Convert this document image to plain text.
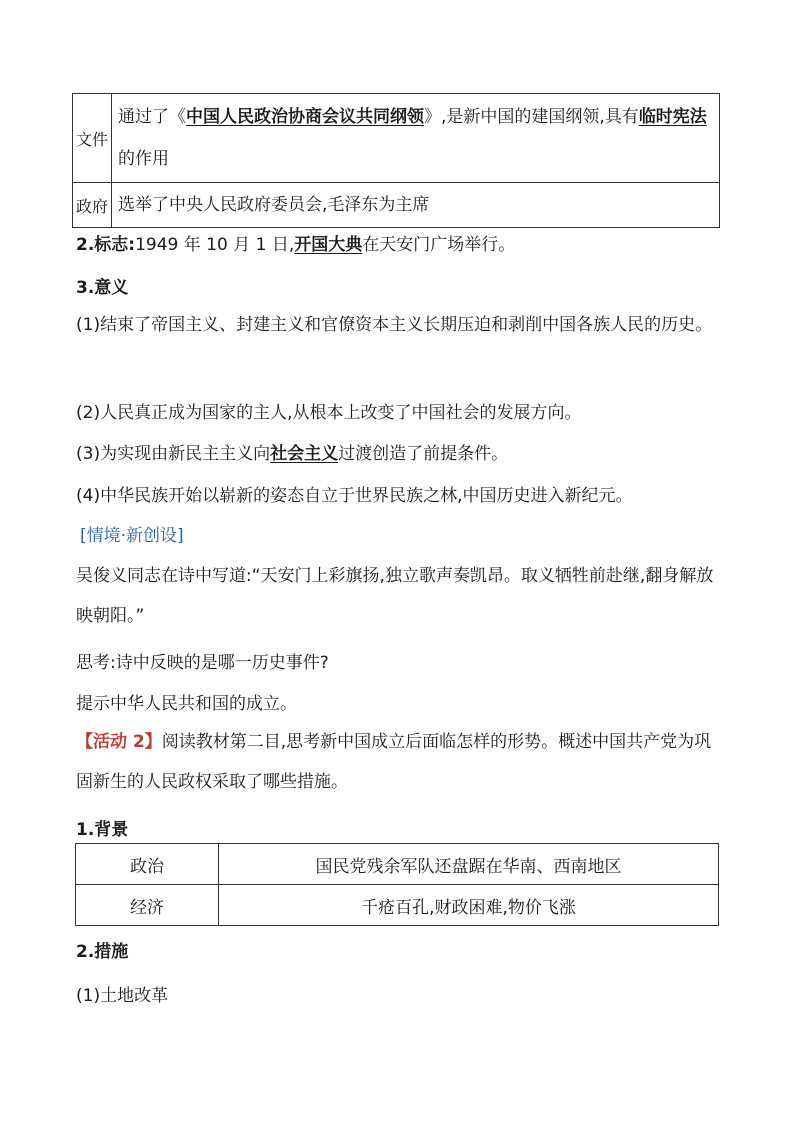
文件	通过了《中国人民政治协商会议共同纲领》,是新中国的建国纲领,具有临时宪法的作用
政府	选举了中央人民政府委员会,毛泽东为主席
2.标志:1949 年 10 月 1 日,开国大典在天安门广场举行。
3.意义
(1)结束了帝国主义、封建主义和官僚资本主义长期压迫和剥削中国各族人民的历史。
(2)人民真正成为国家的主人,从根本上改变了中国社会的发展方向。
(3)为实现由新民主主义向社会主义过渡创造了前提条件。
(4)中华民族开始以崭新的姿态自立于世界民族之林,中国历史进入新纪元。
[情境·新创设]
吴俊义同志在诗中写道:“天安门上彩旗扬,独立歌声奏凯昂。取义牺牲前赴继,翻身解放映朝阳。”
思考:诗中反映的是哪一历史事件?
提示中华人民共和国的成立。
【活动 2】阅读教材第二目,思考新中国成立后面临怎样的形势。概述中国共产党为巩固新生的人民政权采取了哪些措施。
1.背景
政治	国民党残余军队还盘踞在华南、西南地区
经济	千疮百孔,财政困难,物价飞涨
2.措施
(1)土地改革
